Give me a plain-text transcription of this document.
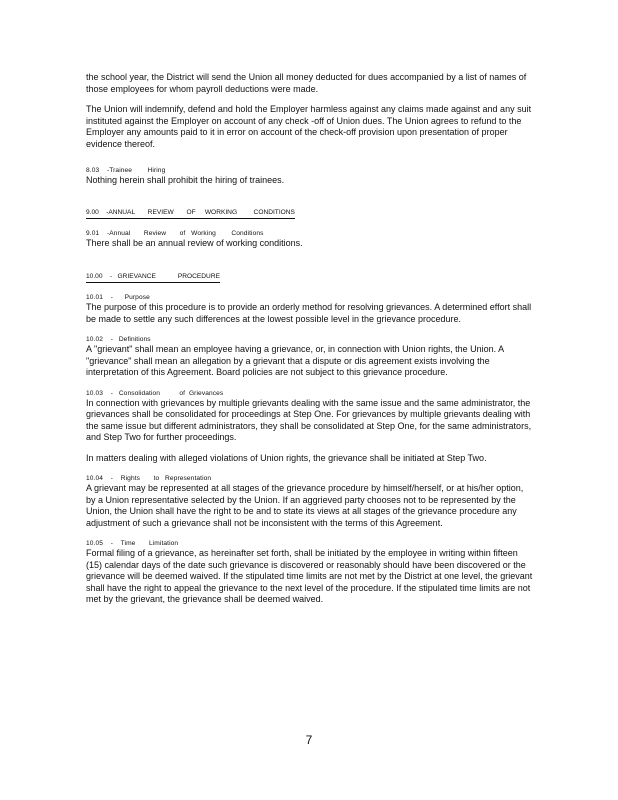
the school year, the District will send the Union all money deducted for dues accompanied by a list of names of those employees for whom payroll deductions were made.

The Union will indemnify, defend and hold the Employer harmless against any claims made against and any suit instituted against the Employer on account of any check -off of Union dues. The Union agrees to refund to the Employer any amounts paid to it in error on account of the check-off provision upon presentation of proper evidence thereof.

8.03    -Trainee        Hiring

Nothing herein shall prohibit the hiring of trainees.

9.00    -ANNUAL       REVIEW       OF     WORKING         CONDITIONS

9.01    -Annual       Review       of   Working        Conditions

There shall be an annual review of working conditions.

10.00    -   GRIEVANCE            PROCEDURE

10.01    -      Purpose

The purpose of this procedure is to provide an orderly method for resolving grievances. A determined effort shall be made to settle any such differences at the lowest possible level in the grievance procedure.

10.02    -   Definitions

A "grievant" shall mean an employee having a grievance, or, in connection with Union rights, the Union. A "grievance" shall mean an allegation by a grievant that a dispute or dis agreement exists involving the interpretation of this Agreement. Board policies are not subject to this grievance procedure.

10.03    -   Consolidation          of  Grievances

In connection with grievances by multiple grievants dealing with the same issue and the same administrator, the grievances shall be consolidated for proceedings at Step One. For grievances by multiple grievants dealing with the same issue but different administrators, they shall be consolidated at Step One, for the same administrators, and Step Two for further proceedings.

In matters dealing with alleged violations of Union rights, the grievance shall be initiated at Step Two.

10.04    -    Rights       to   Representation

A grievant may be represented at all stages of the grievance procedure by himself/herself, or at his/her option, by a Union representative selected by the Union. If an aggrieved party chooses not to be represented by the Union, the Union shall have the right to be and to state its views at all stages of the grievance procedure any adjustment of such a grievance shall not be inconsistent with the terms of this Agreement.

10.05    -    Time       Limitation

Formal filing of a grievance, as hereinafter set forth, shall be initiated by the employee in writing within fifteen (15) calendar days of the date such grievance is discovered or reasonably should have been discovered or the grievance will be deemed waived. If the stipulated time limits are not met by the District at one level, the grievant shall have the right to appeal the grievance to the next level of the procedure. If the stipulated time limits are not met by the grievant, the grievance shall be deemed waived.

7
